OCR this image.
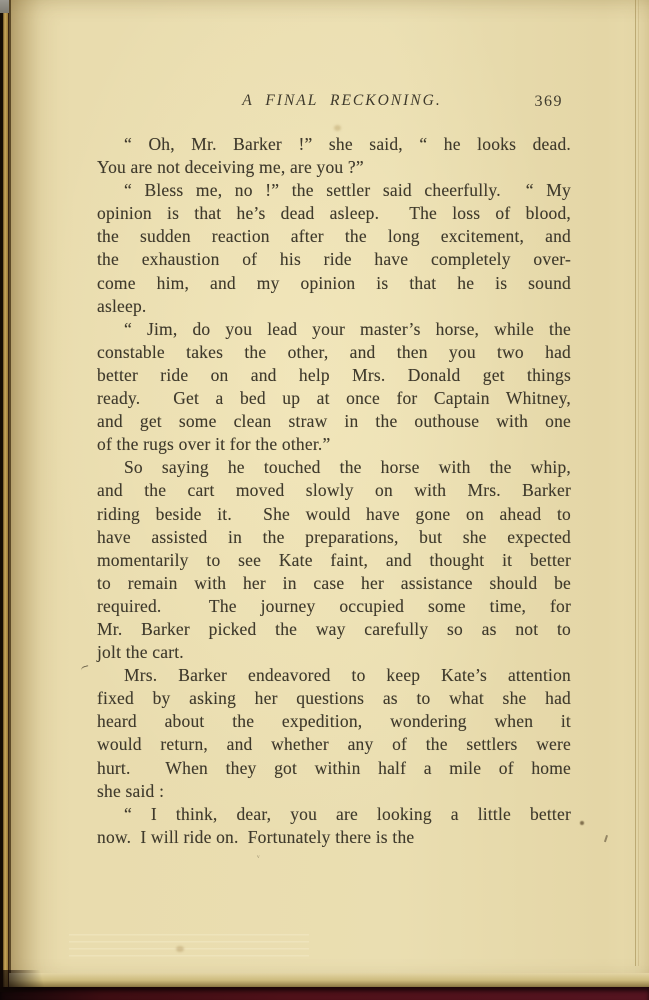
A FINAL RECKONING.	369
“ Oh, Mr. Barker !” she said, “ he looks dead.
You are not deceiving me, are you ?”
“ Bless me, no !” the settler said cheerfully.  “ My
opinion is that he’s dead asleep.  The loss of blood,
the sudden reaction after the long excitement, and
the exhaustion of his ride have completely over-
come him, and my opinion is that he is sound
asleep.
“ Jim, do you lead your master’s horse, while the
constable takes the other, and then you two had
better ride on and help Mrs. Donald get things
ready.  Get a bed up at once for Captain Whitney,
and get some clean straw in the outhouse with one
of the rugs over it for the other.”
So saying he touched the horse with the whip,
and the cart moved slowly on with Mrs. Barker
riding beside it.  She would have gone on ahead to
have assisted in the preparations, but she expected
momentarily to see Kate faint, and thought it better
to remain with her in case her assistance should be
required.  The journey occupied some time, for
Mr. Barker picked the way carefully so as not to
jolt the cart.
Mrs. Barker endeavored to keep Kate’s attention
fixed by asking her questions as to what she had
heard about the expedition, wondering when it
would return, and whether any of the settlers were
hurt.  When they got within half a mile of home
she said :
“ I think, dear, you are looking a little better
now.  I will ride on.  Fortunately there is the
ᵥ
